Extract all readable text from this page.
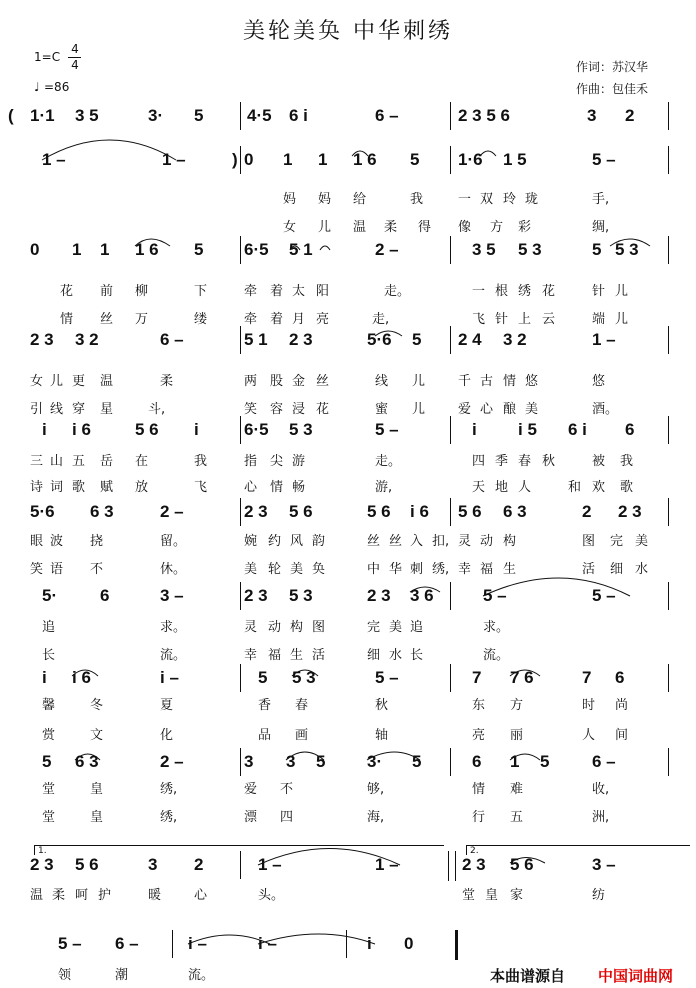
美轮美奂 中华刺绣
1=C
4
4
♩ =86
作词：苏汉华
作曲：包佳禾
( 1·1 3 5	3· 5	4·5 6 i	6 –	2 3 5 6	3 2
1 –	1 –	) 0 1 1 1 6 5 1·6 1 5	5 –
0 1 1 1 6 5 6·5 5 1	2 –	3 5 5 3	5 5 3
2 3 3 2	6 –	5 1 2 3	5·6 5 2 4 3 2	1 –
i i 6	5 6 i	6·5 5 3	5 –	i i 5 6 i 6
5·6 6 3	2 –	2 3 5 6	5 6 i 6 5 6 6 3	2 2 3
5·	6	3 –	2 3 5 3	2 3 3 6	5 –	5 –
i i 6	i –	5 5 3	5 –	7 7 6	7 6
5 6 3	2 –	3 3 5 3· 5	6 1 5	6 –
2 3 5 6	3 2	1 –	1 –	2 3 5 6	3 –
5 – 6 –	i –	i –	i 0
妈 妈 给	我	一 双 玲 珑	手,
女 儿 温 柔 得 像 方 彩	绸,
花 前 柳	下	牵 着 太 阳	走。	一 根 绣 花	针 儿
情 丝 万	缕	牵 着 月 亮	走,	飞 针 上 云	端 儿
女 儿 更 温	柔	两 股 金 丝	线 儿	千 古 情 悠	悠
引 线 穿 星	斗,	笑 容 浸 花	蜜 儿	爱 心 酿 美	酒。
三 山 五 岳 在	我	指 尖 游	走。	四 季 春 秋	被 我
诗 词 歌 赋 放	飞	心 情 畅	游,	天 地 人	和 欢 歌
眼 波 挠	留。	婉 约 风 韵	丝 丝 入 扣, 灵 动 构	图 完 美
笑 语 不	休。	美 轮 美 奂	中 华 刺 绣, 幸 福 生	活 细 水
追	求。	灵 动 构 图	完 美 追	求。
长	流。	幸 福 生 活	细 水 长	流。
馨	冬	夏	香 春	秋	东 方	时 尚
赏	文	化	品 画	轴	亮 丽	人 间
堂	皇	绣,	爱 不	够,	情 难	收,
堂	皇	绣,	漂 四	海,	行 五	洲,
温 柔 呵 护	暖	心	头。	堂 皇 家	纺
领	潮	流。
1.	2.
本曲谱源自 中国词曲网
